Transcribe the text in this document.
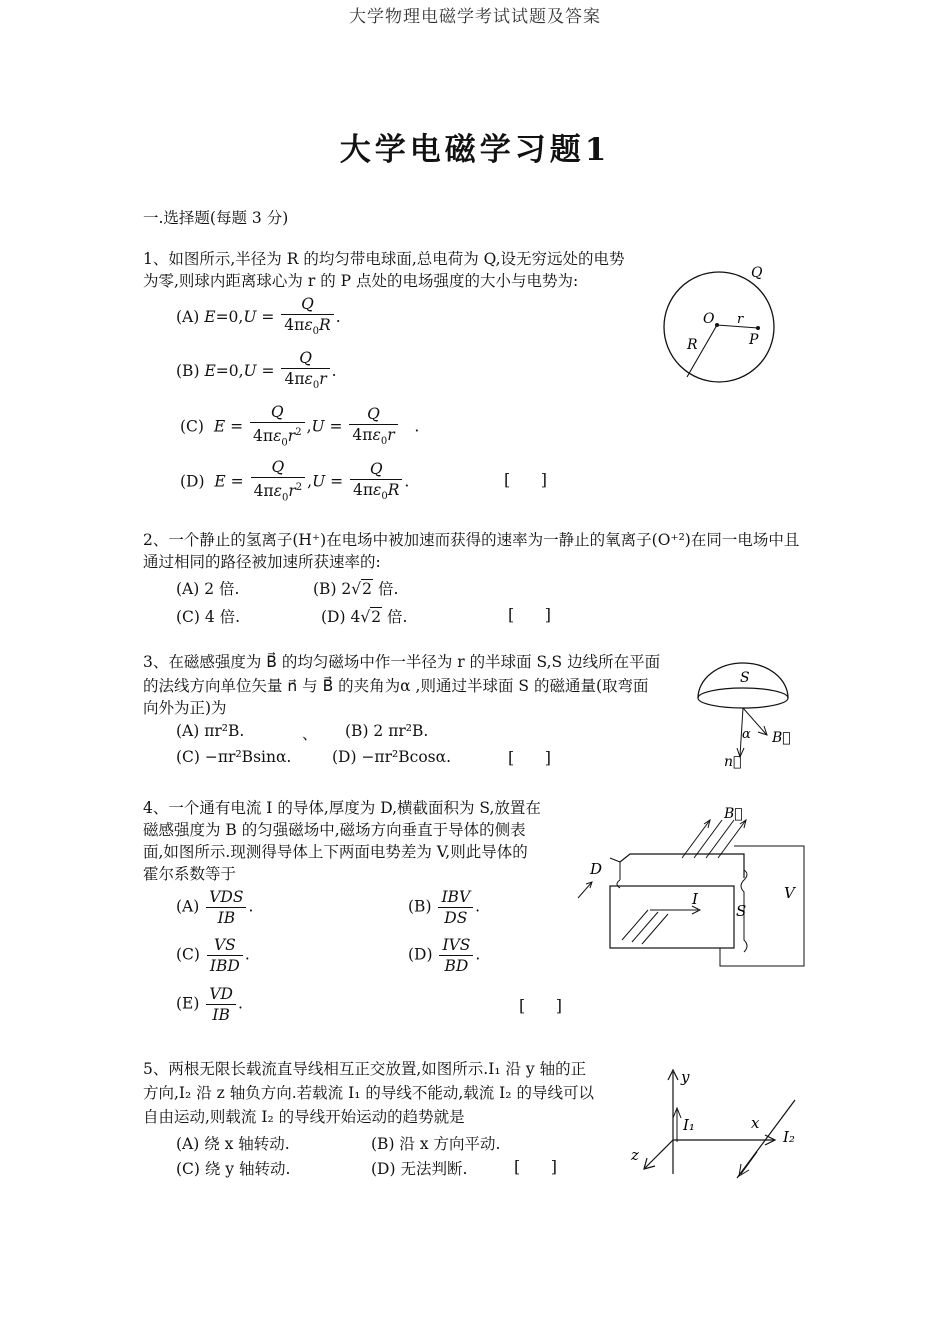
大学物理电磁学考试试题及答案
大学电磁学习题1
一.选择题(每题 3 分)
1、如图所示,半径为 R 的均匀带电球面,总电荷为 Q,设无穷远处的电势
为零,则球内距离球心为 r 的 P 点处的电场强度的大小与电势为:
(A) $E=0,U = \frac{Q}{4\pi\varepsilon_0R}$ .
(B) $E=0,U = \frac{Q}{4\pi\varepsilon_0r}$ .
(C) $E = \frac{Q}{4\pi\varepsilon_0r^2} ,U = \frac{Q}{4\pi\varepsilon_0r}$ .
(D) $E = \frac{Q}{4\pi\varepsilon_0r^2} ,U = \frac{Q}{4\pi\varepsilon_0R}$ .	[      ]
Q
O r
P
R
2、一个静止的氢离子(H⁺)在电场中被加速而获得的速率为一静止的氧离子(O⁺²)在同一电场中且
通过相同的路径被加速所获速率的:
(A) 2 倍.	(B) 2√2 倍.
(C) 4 倍.	(D) 4√2 倍.	[      ]
3、在磁感强度为 B⃗ 的均匀磁场中作一半径为 r 的半球面 S,S 边线所在平面
的法线方向单位矢量 n⃗ 与 B⃗ 的夹角为α ,则通过半球面 S 的磁通量(取弯面
向外为正)为
(A) πr²B.	、 (B) 2 πr²B.
(C) −πr²Bsinα.	(D) −πr²Bcosα.	[      ]
S
α B⃗
n⃗
4、一个通有电流 I 的导体,厚度为 D,横截面积为 S,放置在
磁感强度为 B 的匀强磁场中,磁场方向垂直于导体的侧表
面,如图所示.现测得导体上下两面电势差为 V,则此导体的
霍尔系数等于
$(A) \frac{\text{VDS}}{IB}$ .	$(B) \frac{\text{IBV}}{DS}$ .
$(C) \frac{VS}{\text{IBD}}$ .	$(D) \frac{\text{IVS}}{BD}$ .
$(E) \frac{VD}{IB}$ .	[      ]
B⃗
I
S
D
V
5、两根无限长载流直导线相互正交放置,如图所示.I₁ 沿 y 轴的正
方向,I₂ 沿 z 轴负方向.若载流 I₁ 的导线不能动,载流 I₂ 的导线可以
自由运动,则载流 I₂ 的导线开始运动的趋势就是
(A) 绕 x 轴转动.	(B) 沿 x 方向平动.
(C) 绕 y 轴转动.	(D) 无法判断.	[      ]
y
I₁	x
z
I₂
